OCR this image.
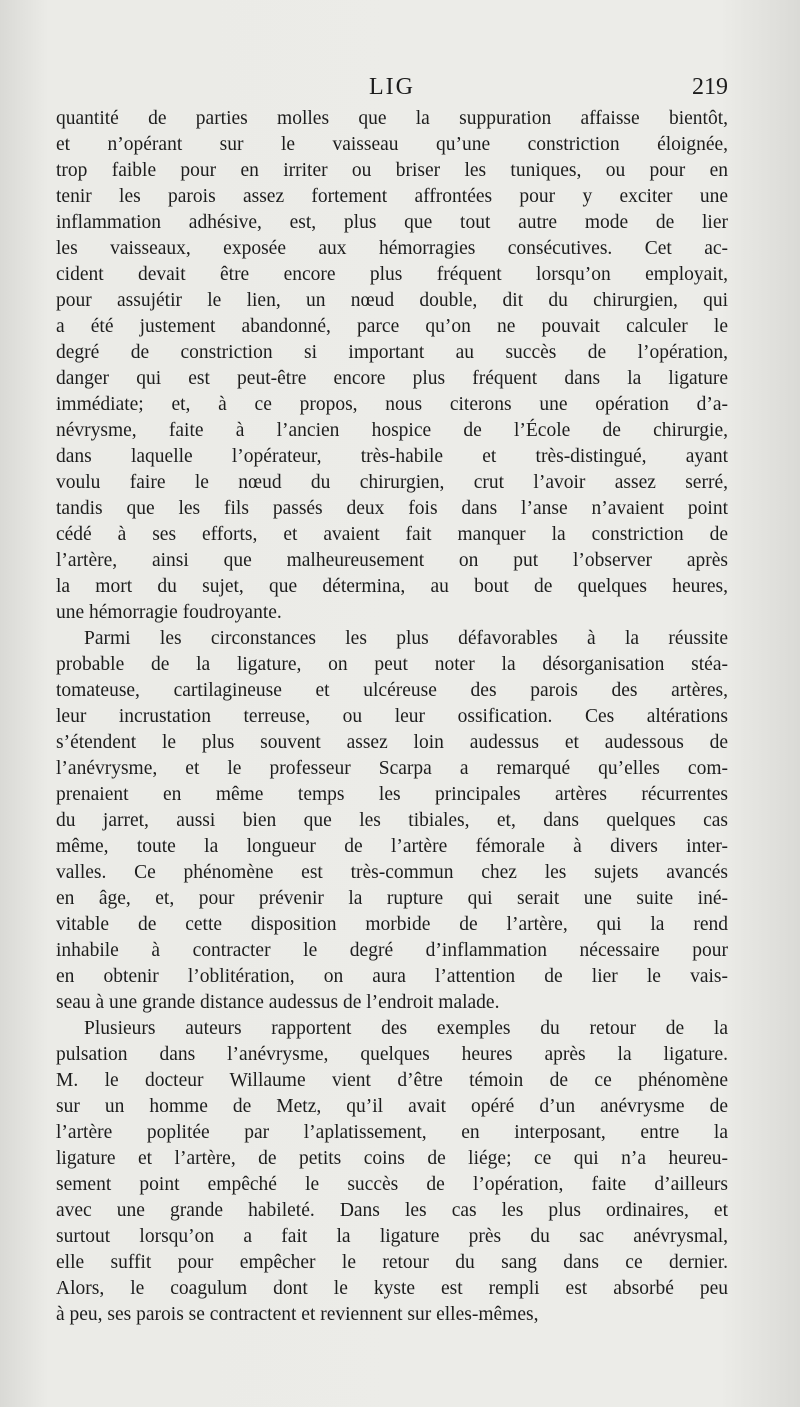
LIG	219
quantité de parties molles que la suppuration affaisse bientôt,
et n’opérant sur le vaisseau qu’une constriction éloignée,
trop faible pour en irriter ou briser les tuniques, ou pour en
tenir les parois assez fortement affrontées pour y exciter une
inflammation adhésive, est, plus que tout autre mode de lier
les vaisseaux, exposée aux hémorragies consécutives. Cet ac-
cident devait être encore plus fréquent lorsqu’on employait,
pour assujétir le lien, un nœud double, dit du chirurgien, qui
a été justement abandonné, parce qu’on ne pouvait calculer le
degré de constriction si important au succès de l’opération,
danger qui est peut-être encore plus fréquent dans la ligature
immédiate; et, à ce propos, nous citerons une opération d’a-
névrysme, faite à l’ancien hospice de l’École de chirurgie,
dans laquelle l’opérateur, très-habile et très-distingué, ayant
voulu faire le nœud du chirurgien, crut l’avoir assez serré,
tandis que les fils passés deux fois dans l’anse n’avaient point
cédé à ses efforts, et avaient fait manquer la constriction de
l’artère, ainsi que malheureusement on put l’observer après
la mort du sujet, que détermina, au bout de quelques heures,
une hémorragie foudroyante.
Parmi les circonstances les plus défavorables à la réussite
probable de la ligature, on peut noter la désorganisation stéa-
tomateuse, cartilagineuse et ulcéreuse des parois des artères,
leur incrustation terreuse, ou leur ossification. Ces altérations
s’étendent le plus souvent assez loin audessus et audessous de
l’anévrysme, et le professeur Scarpa a remarqué qu’elles com-
prenaient en même temps les principales artères récurrentes
du jarret, aussi bien que les tibiales, et, dans quelques cas
même, toute la longueur de l’artère fémorale à divers inter-
valles. Ce phénomène est très-commun chez les sujets avancés
en âge, et, pour prévenir la rupture qui serait une suite iné-
vitable de cette disposition morbide de l’artère, qui la rend
inhabile à contracter le degré d’inflammation nécessaire pour
en obtenir l’oblitération, on aura l’attention de lier le vais-
seau à une grande distance audessus de l’endroit malade.
Plusieurs auteurs rapportent des exemples du retour de la
pulsation dans l’anévrysme, quelques heures après la ligature.
M. le docteur Willaume vient d’être témoin de ce phénomène
sur un homme de Metz, qu’il avait opéré d’un anévrysme de
l’artère poplitée par l’aplatissement, en interposant, entre la
ligature et l’artère, de petits coins de liége; ce qui n’a heureu-
sement point empêché le succès de l’opération, faite d’ailleurs
avec une grande habileté. Dans les cas les plus ordinaires, et
surtout lorsqu’on a fait la ligature près du sac anévrysmal,
elle suffit pour empêcher le retour du sang dans ce dernier.
Alors, le coagulum dont le kyste est rempli est absorbé peu
à peu, ses parois se contractent et reviennent sur elles-mêmes,
